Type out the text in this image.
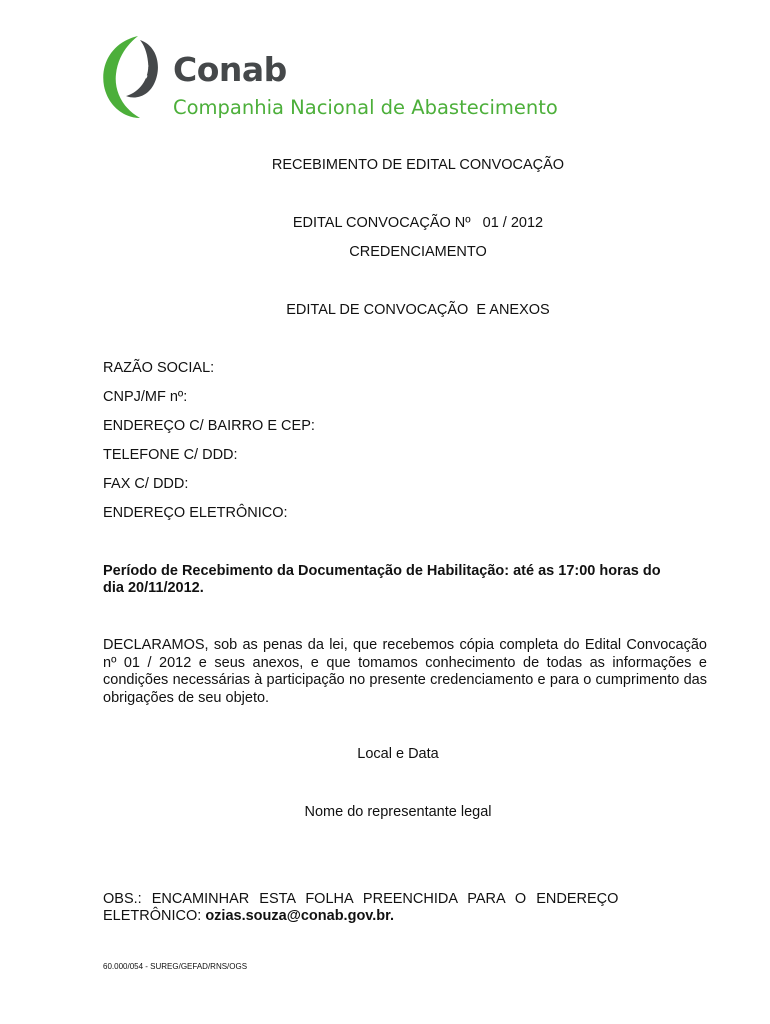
Conab
Companhia Nacional de Abastecimento
RECEBIMENTO DE EDITAL CONVOCAÇÃO
EDITAL CONVOCAÇÃO Nº   01 / 2012
CREDENCIAMENTO
EDITAL DE CONVOCAÇÃO  E ANEXOS
RAZÃO SOCIAL:
CNPJ/MF nº:
ENDEREÇO C/ BAIRRO E CEP:
TELEFONE C/ DDD:
FAX C/ DDD:
ENDEREÇO ELETRÔNICO:
Período de Recebimento da Documentação de Habilitação: até as 17:00 horas do
dia 20/11/2012.
DECLARAMOS, sob as penas da lei, que recebemos cópia completa do Edital Convocação nº 01 / 2012 e seus anexos, e que tomamos conhecimento de todas as informações e condições necessárias à participação no presente credenciamento e para o cumprimento das obrigações de seu objeto.
Local e Data
Nome do representante legal
OBS.:  ENCAMINHAR  ESTA  FOLHA  PREENCHIDA  PARA  O  ENDEREÇO
ELETRÔNICO: ozias.souza@conab.gov.br.
60.000/054 - SUREG/GEFAD/RNS/OGS
